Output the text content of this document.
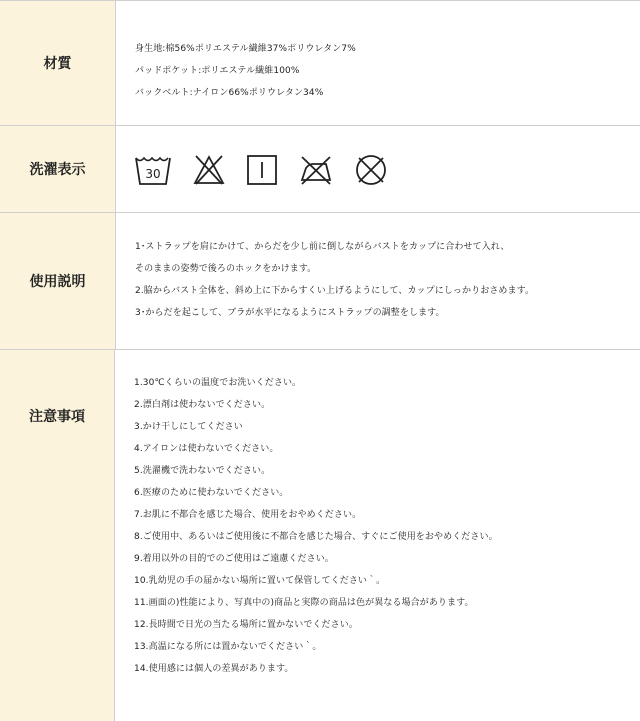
材質
身生地:棉56%ポリエステル繊維37%ポリウレタン7%
パッドポケット:ポリエステル繊維100%
バックベルト:ナイロン66%ポリウレタン34%
洗濯表示	30
使用説明
1･ストラップを肩にかけて、からだを少し前に倒しながらバストをカップに合わせて入れ、
そのままの姿勢で後ろのホックをかけます。
2.脇からバスト全体を、斜め上に下からすくい上げるようにして、カップにしっかりおさめます。
3･からだを起こして、ブラが水平になるようにストラップの調整をします。
注意事項
1.30℃くらいの温度でお洗いください。
2.漂白剤は使わないでください。
3.かけ干しにしてください
4.アイロンは使わないでください。
5.洗濯機で洗わないでください。
6.医療のために使わないでください。
7.お肌に不都合を感じた場合、使用をおやめください。
8.ご使用中、あるいはご使用後に不都合を感じた場合、すぐにご使用をおやめください。
9.着用以外の目的でのご使用はご遠慮ください。
10.乳幼児の手の届かない場所に置いて保管してください｀。
11.画面の)性能により、写真中の)商品と実際の商品は色が異なる場合があります。
12.長時間で日光の当たる場所に置かないでください。
13.高温になる所には置かないでください｀。
14.使用感には個人の差異があります。
